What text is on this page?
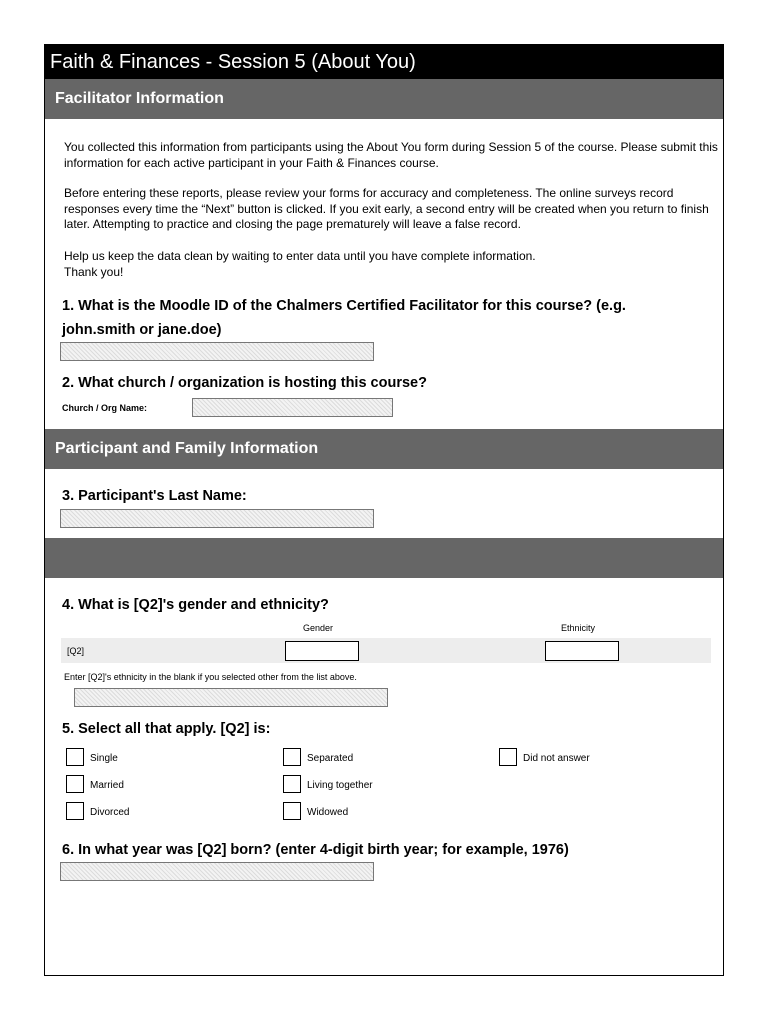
Faith & Finances - Session 5 (About You)
Facilitator Information
You collected this information from participants using the About You form during Session 5 of the course. Please submit this information for each active participant in your Faith & Finances course.
Before entering these reports, please review your forms for accuracy and completeness. The online surveys record responses every time the “Next” button is clicked. If you exit early, a second entry will be created when you return to finish later. Attempting to practice and closing the page prematurely will leave a false record.
Help us keep the data clean by waiting to enter data until you have complete information.
Thank you!
1. What is the Moodle ID of the Chalmers Certified Facilitator for this course? (e.g. john.smith or jane.doe)
2. What church / organization is hosting this course?
Church / Org Name:
Participant and Family Information
3. Participant's Last Name:
4. What is [Q2]'s gender and ethnicity?
Gender	Ethnicity
[Q2]
Enter [Q2]'s ethnicity in the blank if you selected other from the list above.
5. Select all that apply. [Q2] is:
Single
Married
Divorced
Separated
Living together
Widowed
Did not answer
6. In what year was [Q2] born? (enter 4-digit birth year; for example, 1976)
